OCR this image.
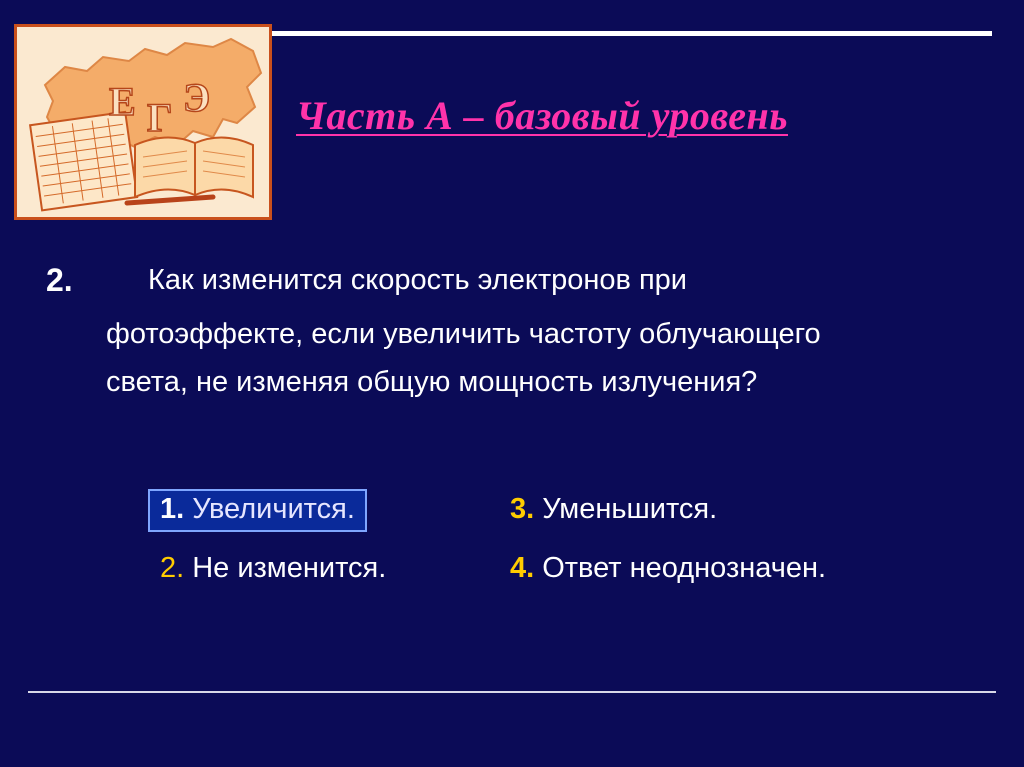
Е Г Э Часть А – базовый уровень
2.	Как изменится скорость электронов при
фотоэффекте, если увеличить частоту облучающего
света, не изменяя общую мощность излучения?
1. Увеличится.
2. Не изменится.
3. Уменьшится.
4. Ответ неоднозначен.
